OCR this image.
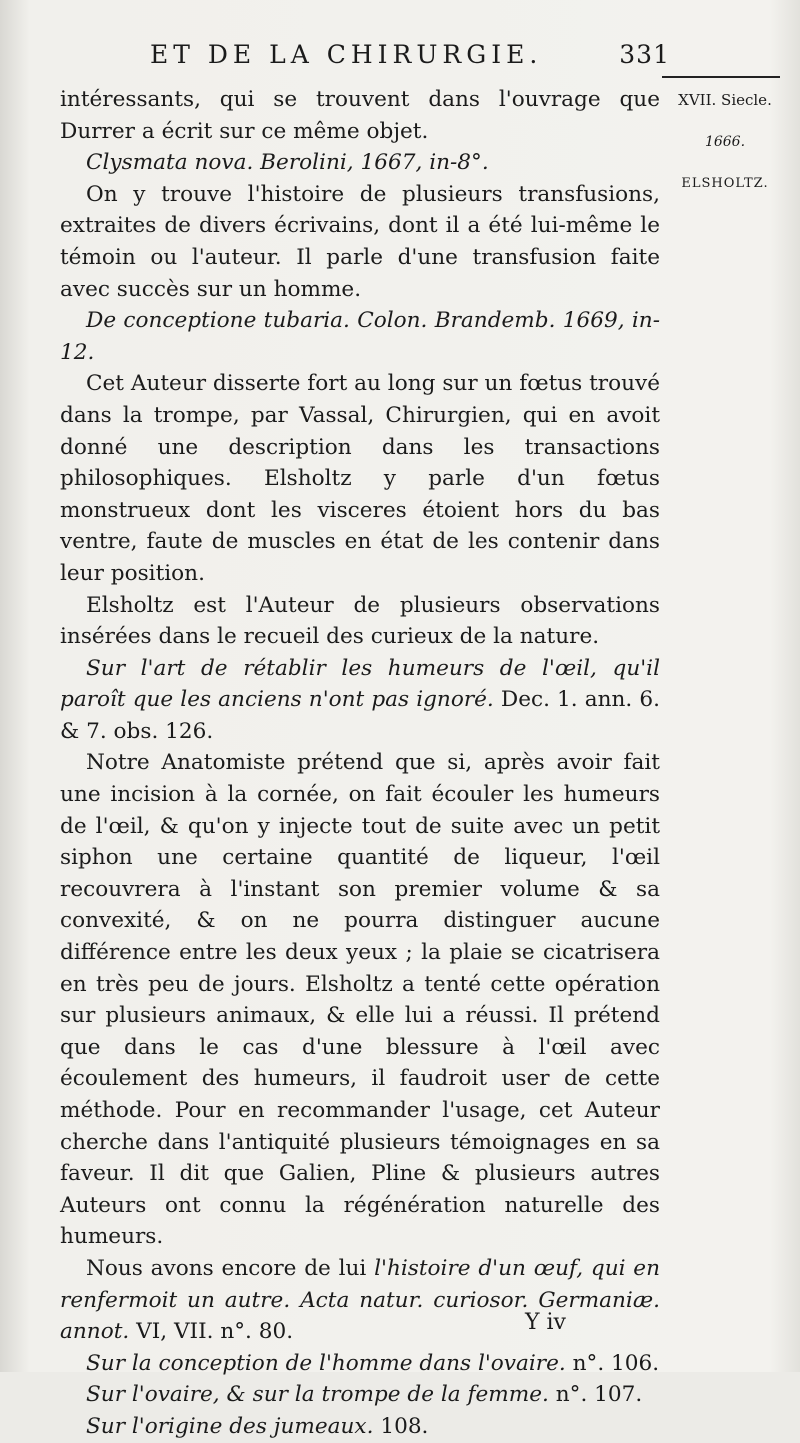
ET DE LA CHIRURGIE.	331
XVII. Siecle.
1666.
ELSHOLTZ.

intéressants, qui se trouvent dans l'ouvrage que Durrer a écrit sur ce même objet.

Clysmata nova. Berolini, 1667, in-8°.

On y trouve l'histoire de plusieurs transfusions, extraites de divers écrivains, dont il a été lui-même le témoin ou l'auteur. Il parle d'une transfusion faite avec succès sur un homme.

De conceptione tubaria. Colon. Brandemb. 1669, in-12.

Cet Auteur disserte fort au long sur un fœtus trouvé dans la trompe, par Vassal, Chirurgien, qui en avoit donné une description dans les transactions philosophiques. Elsholtz y parle d'un fœtus monstrueux dont les visceres étoient hors du bas ventre, faute de muscles en état de les contenir dans leur position.

Elsholtz est l'Auteur de plusieurs observations insérées dans le recueil des curieux de la nature.

Sur l'art de rétablir les humeurs de l'œil, qu'il paroît que les anciens n'ont pas ignoré. Dec. 1. ann. 6. & 7. obs. 126.

Notre Anatomiste prétend que si, après avoir fait une incision à la cornée, on fait écouler les humeurs de l'œil, & qu'on y injecte tout de suite avec un petit siphon une certaine quantité de liqueur, l'œil recouvrera à l'instant son premier volume & sa convexité, & on ne pourra distinguer aucune différence entre les deux yeux ; la plaie se cicatrisera en très peu de jours. Elsholtz a tenté cette opération sur plusieurs animaux, & elle lui a réussi. Il prétend que dans le cas d'une blessure à l'œil avec écoulement des humeurs, il faudroit user de cette méthode. Pour en recommander l'usage, cet Auteur cherche dans l'antiquité plusieurs témoignages en sa faveur. Il dit que Galien, Pline & plusieurs autres Auteurs ont connu la régénération naturelle des humeurs.

Nous avons encore de lui l'histoire d'un œuf, qui en renfermoit un autre. Acta natur. curiosor. Germaniæ. annot. VI, VII. n°. 80.

Sur la conception de l'homme dans l'ovaire. n°. 106.

Sur l'ovaire, & sur la trompe de la femme. n°. 107.

Sur l'origine des jumeaux. 108.

Y iv
